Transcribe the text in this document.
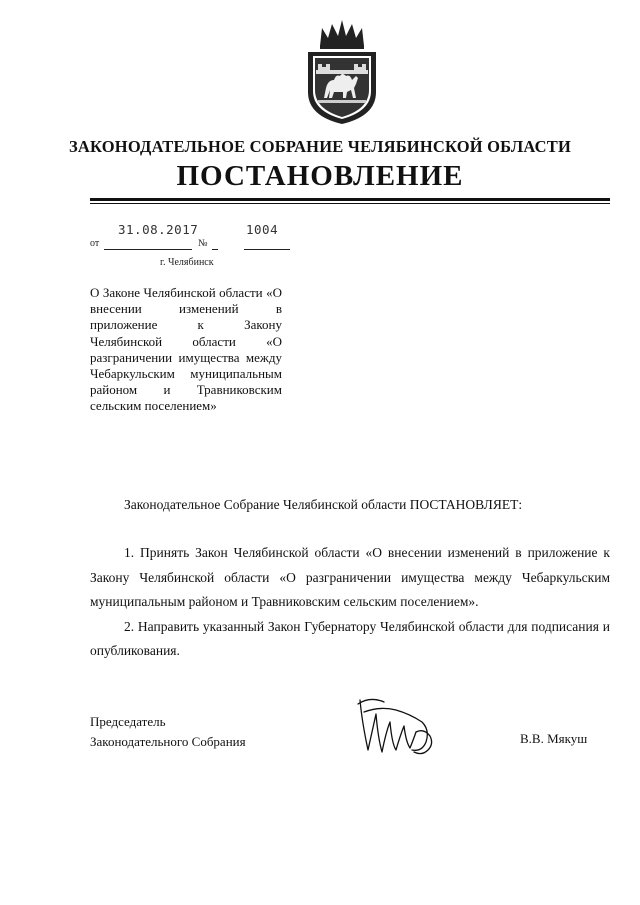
ЗАКОНОДАТЕЛЬНОЕ СОБРАНИЕ ЧЕЛЯБИНСКОЙ ОБЛАСТИ
ПОСТАНОВЛЕНИЕ
31.08.2017	1004
от	№
г. Челябинск
О Законе Челябинской области «О внесении изменений в приложение к Закону Челябинской области «О разграничении имущества между Чебаркульским муниципальным районом и Травниковским сельским поселением»
Законодательное Собрание Челябинской области ПОСТАНОВЛЯЕТ:

1. Принять Закон Челябинской области «О внесении изменений в приложение к Закону Челябинской области «О разграничении имущества между Чебаркульским муниципальным районом и Травниковским сельским поселением».

2. Направить указанный Закон Губернатору Челябинской области для подписания и опубликования.

Председатель
Законодательного Собрания	В.В. Мякуш
